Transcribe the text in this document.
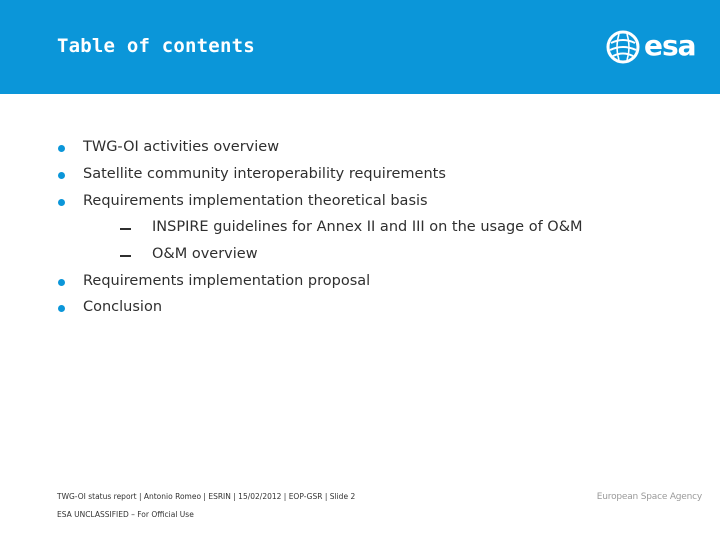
Table of contents	esa
TWG-OI activities overview
Satellite community interoperability requirements
Requirements implementation theoretical basis
INSPIRE guidelines for Annex II and III on the usage of O&M
O&M overview
Requirements implementation proposal
Conclusion
TWG-OI status report | Antonio Romeo | ESRIN | 15/02/2012 | EOP-GSR | Slide 2
ESA UNCLASSIFIED – For Official Use
European Space Agency
